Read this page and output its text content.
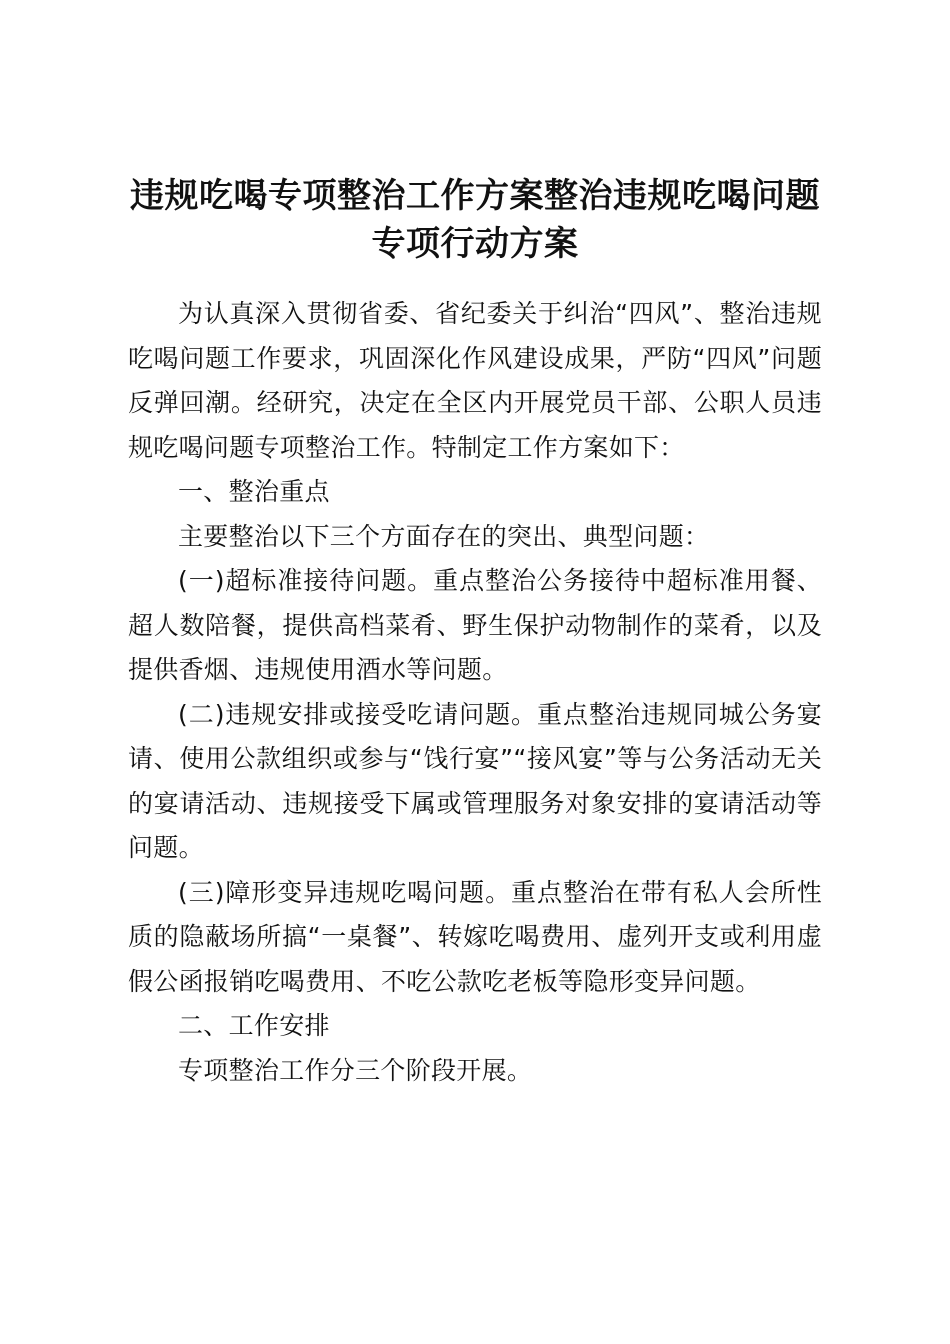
违规吃喝专项整治工作方案整治违规吃喝问题专项行动方案

为认真深入贯彻省委、省纪委关于纠治“四风”、整治违规吃喝问题工作要求，巩固深化作风建设成果，严防“四风”问题反弹回潮。经研究，决定在全区内开展党员干部、公职人员违规吃喝问题专项整治工作。特制定工作方案如下：

一、整治重点

主要整治以下三个方面存在的突出、典型问题：

(一)超标准接待问题。重点整治公务接待中超标准用餐、超人数陪餐，提供高档菜肴、野生保护动物制作的菜肴，以及提供香烟、违规使用酒水等问题。

(二)违规安排或接受吃请问题。重点整治违规同城公务宴请、使用公款组织或参与“饯行宴”“接风宴”等与公务活动无关的宴请活动、违规接受下属或管理服务对象安排的宴请活动等问题。

(三)障形变异违规吃喝问题。重点整治在带有私人会所性质的隐蔽场所搞“一桌餐”、转嫁吃喝费用、虚列开支或利用虚假公函报销吃喝费用、不吃公款吃老板等隐形变异问题。

二、工作安排

专项整治工作分三个阶段开展。
